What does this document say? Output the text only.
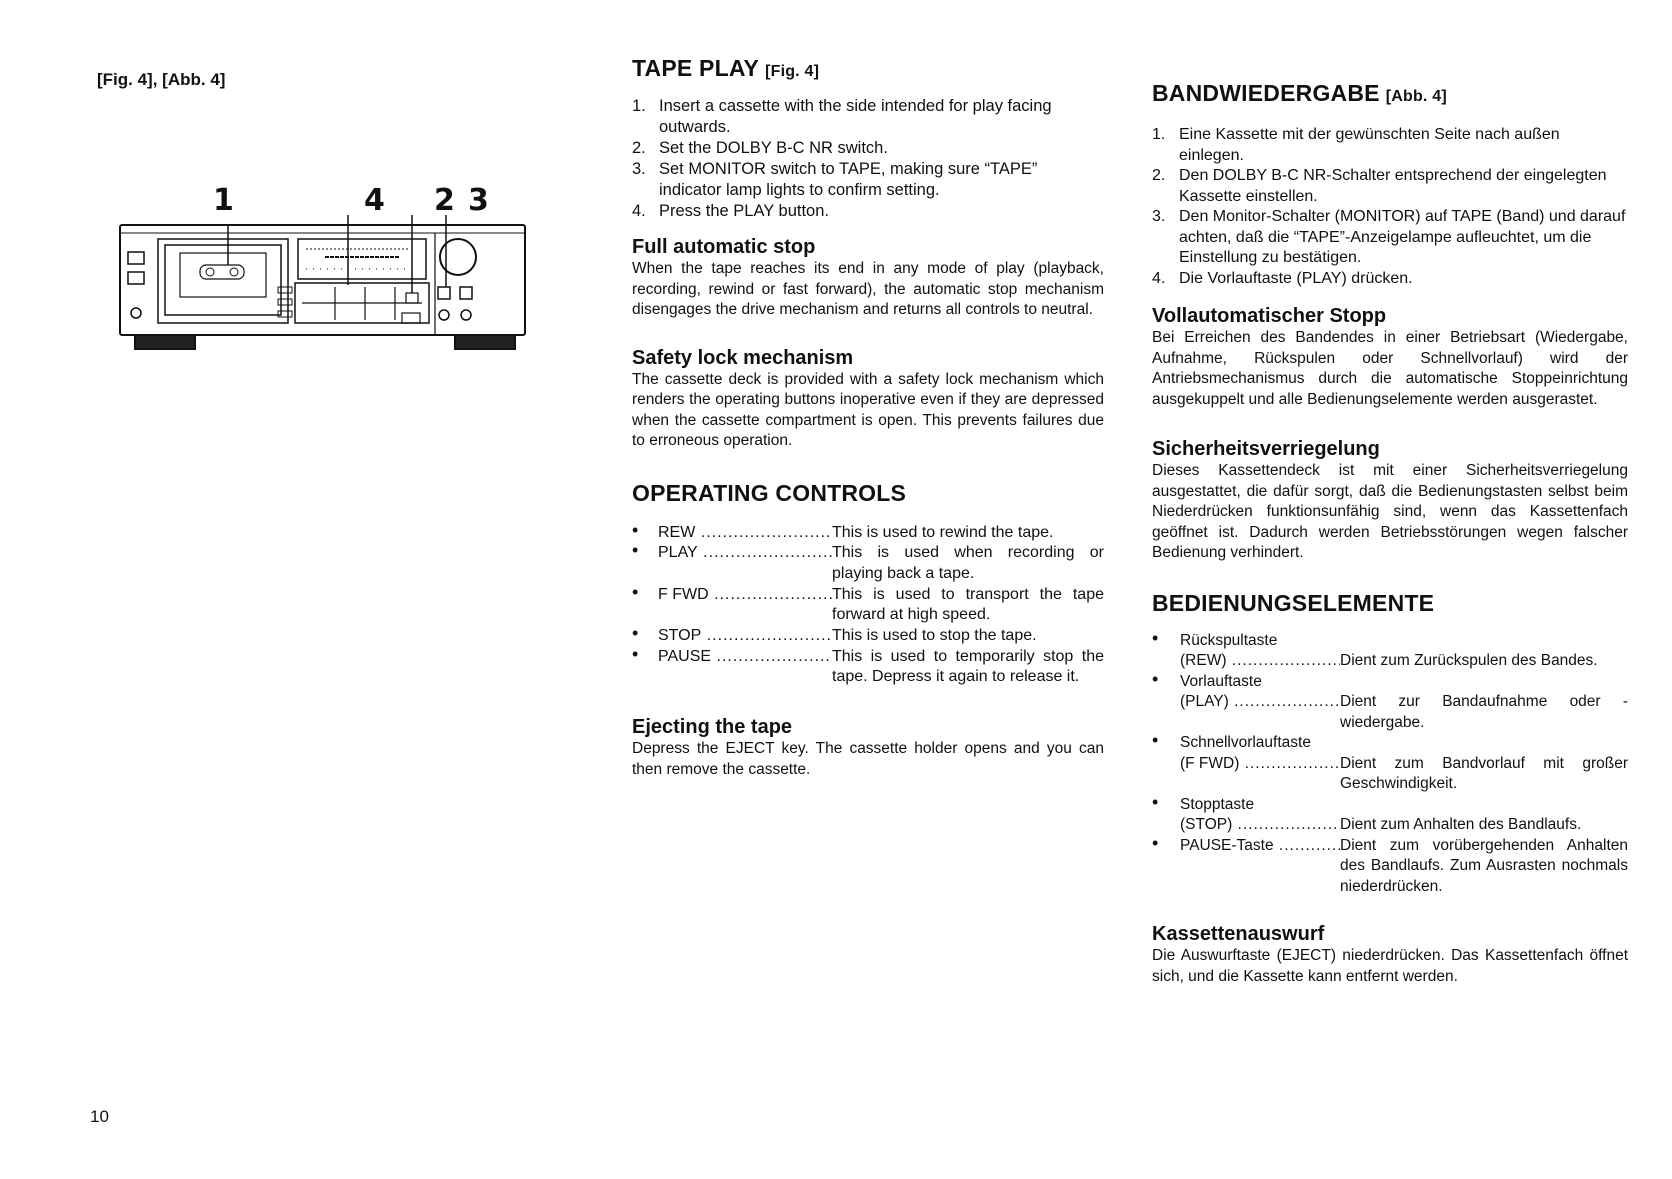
[Fig. 4], [Abb. 4]
1	4 2 3
10
TAPE PLAY [Fig. 4]
1. Insert a cassette with the side intended for play facing outwards.
2. Set the DOLBY B-C NR switch.
3. Set MONITOR switch to TAPE, making sure “TAPE” indicator lamp lights to confirm setting.
4. Press the PLAY button.
Full automatic stop

When the tape reaches its end in any mode of play (playback, recording, rewind or fast forward), the automatic stop mechanism disengages the drive mechanism and returns all controls to neutral.

Safety lock mechanism

The cassette deck is provided with a safety lock mechanism which renders the operating buttons inoperative even if they are depressed when the cassette compartment is open. This prevents failures due to erroneous operation.

OPERATING CONTROLS
•	REW .....	This is used to rewind the tape.
•	PLAY .....	This is used when recording or playing back a tape.
•	F FWD .....	This is used to transport the tape forward at high speed.
•	STOP .....	This is used to stop the tape.
•	PAUSE .....	This is used to temporarily stop the tape. Depress it again to release it.
Ejecting the tape

Depress the EJECT key. The cassette holder opens and you can then remove the cassette.

BANDWIEDERGABE [Abb. 4]
1. Eine Kassette mit der gewünschten Seite nach außen einlegen.
2. Den DOLBY B-C NR-Schalter entsprechend der eingelegten Kassette einstellen.
3. Den Monitor-Schalter (MONITOR) auf TAPE (Band) und darauf achten, daß die “TAPE”-Anzeigelampe aufleuchtet, um die Einstellung zu bestätigen.
4. Die Vorlauftaste (PLAY) drücken.
Vollautomatischer Stopp

Bei Erreichen des Bandendes in einer Betriebsart (Wiedergabe, Aufnahme, Rückspulen oder Schnellvorlauf) wird der Antriebsmechanismus durch die automatische Stoppeinrichtung ausgekuppelt und alle Bedienungselemente werden ausgerastet.

Sicherheitsverriegelung

Dieses Kassettendeck ist mit einer Sicherheitsverriegelung ausgestattet, die dafür sorgt, daß die Bedienungstasten selbst beim Niederdrücken funktionsunfähig sind, wenn das Kassettenfach geöffnet ist. Dadurch werden Betriebsstörungen wegen falscher Bedienung verhindert.

BEDIENUNGSELEMENTE
•	Rückspultaste
(REW) .....	Dient zum Zurückspulen des Bandes.
•	Vorlauftaste
(PLAY) .....	Dient zur Bandaufnahme oder -wiedergabe.
•	Schnellvorlauftaste
(F FWD) .....	Dient zum Bandvorlauf mit großer Geschwindigkeit.
•	Stopptaste
(STOP) .....	Dient zum Anhalten des Bandlaufs.
•	PAUSE-Taste .....	Dient zum vorübergehenden Anhalten des Bandlaufs. Zum Ausrasten nochmals niederdrücken.
Kassettenauswurf

Die Auswurftaste (EJECT) niederdrücken. Das Kassettenfach öffnet sich, und die Kassette kann entfernt werden.
